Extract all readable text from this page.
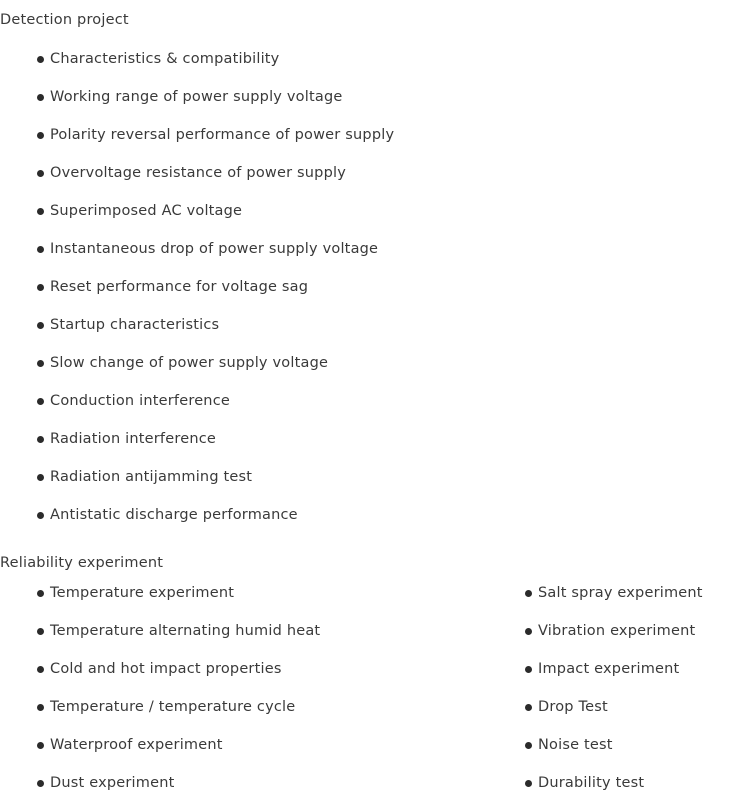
Detection project
Characteristics & compatibility
Working range of power supply voltage
Polarity reversal performance of power supply
Overvoltage resistance of power supply
Superimposed AC voltage
Instantaneous drop of power supply voltage
Reset performance for voltage sag
Startup characteristics
Slow change of power supply voltage
Conduction interference
Radiation interference
Radiation antijamming test
Antistatic discharge performance
Reliability experiment
Temperature experiment
Temperature alternating humid heat
Cold and hot impact properties
Temperature / temperature cycle
Waterproof experiment
Dust experiment
Salt spray experiment
Vibration experiment
Impact experiment
Drop Test
Noise test
Durability test
